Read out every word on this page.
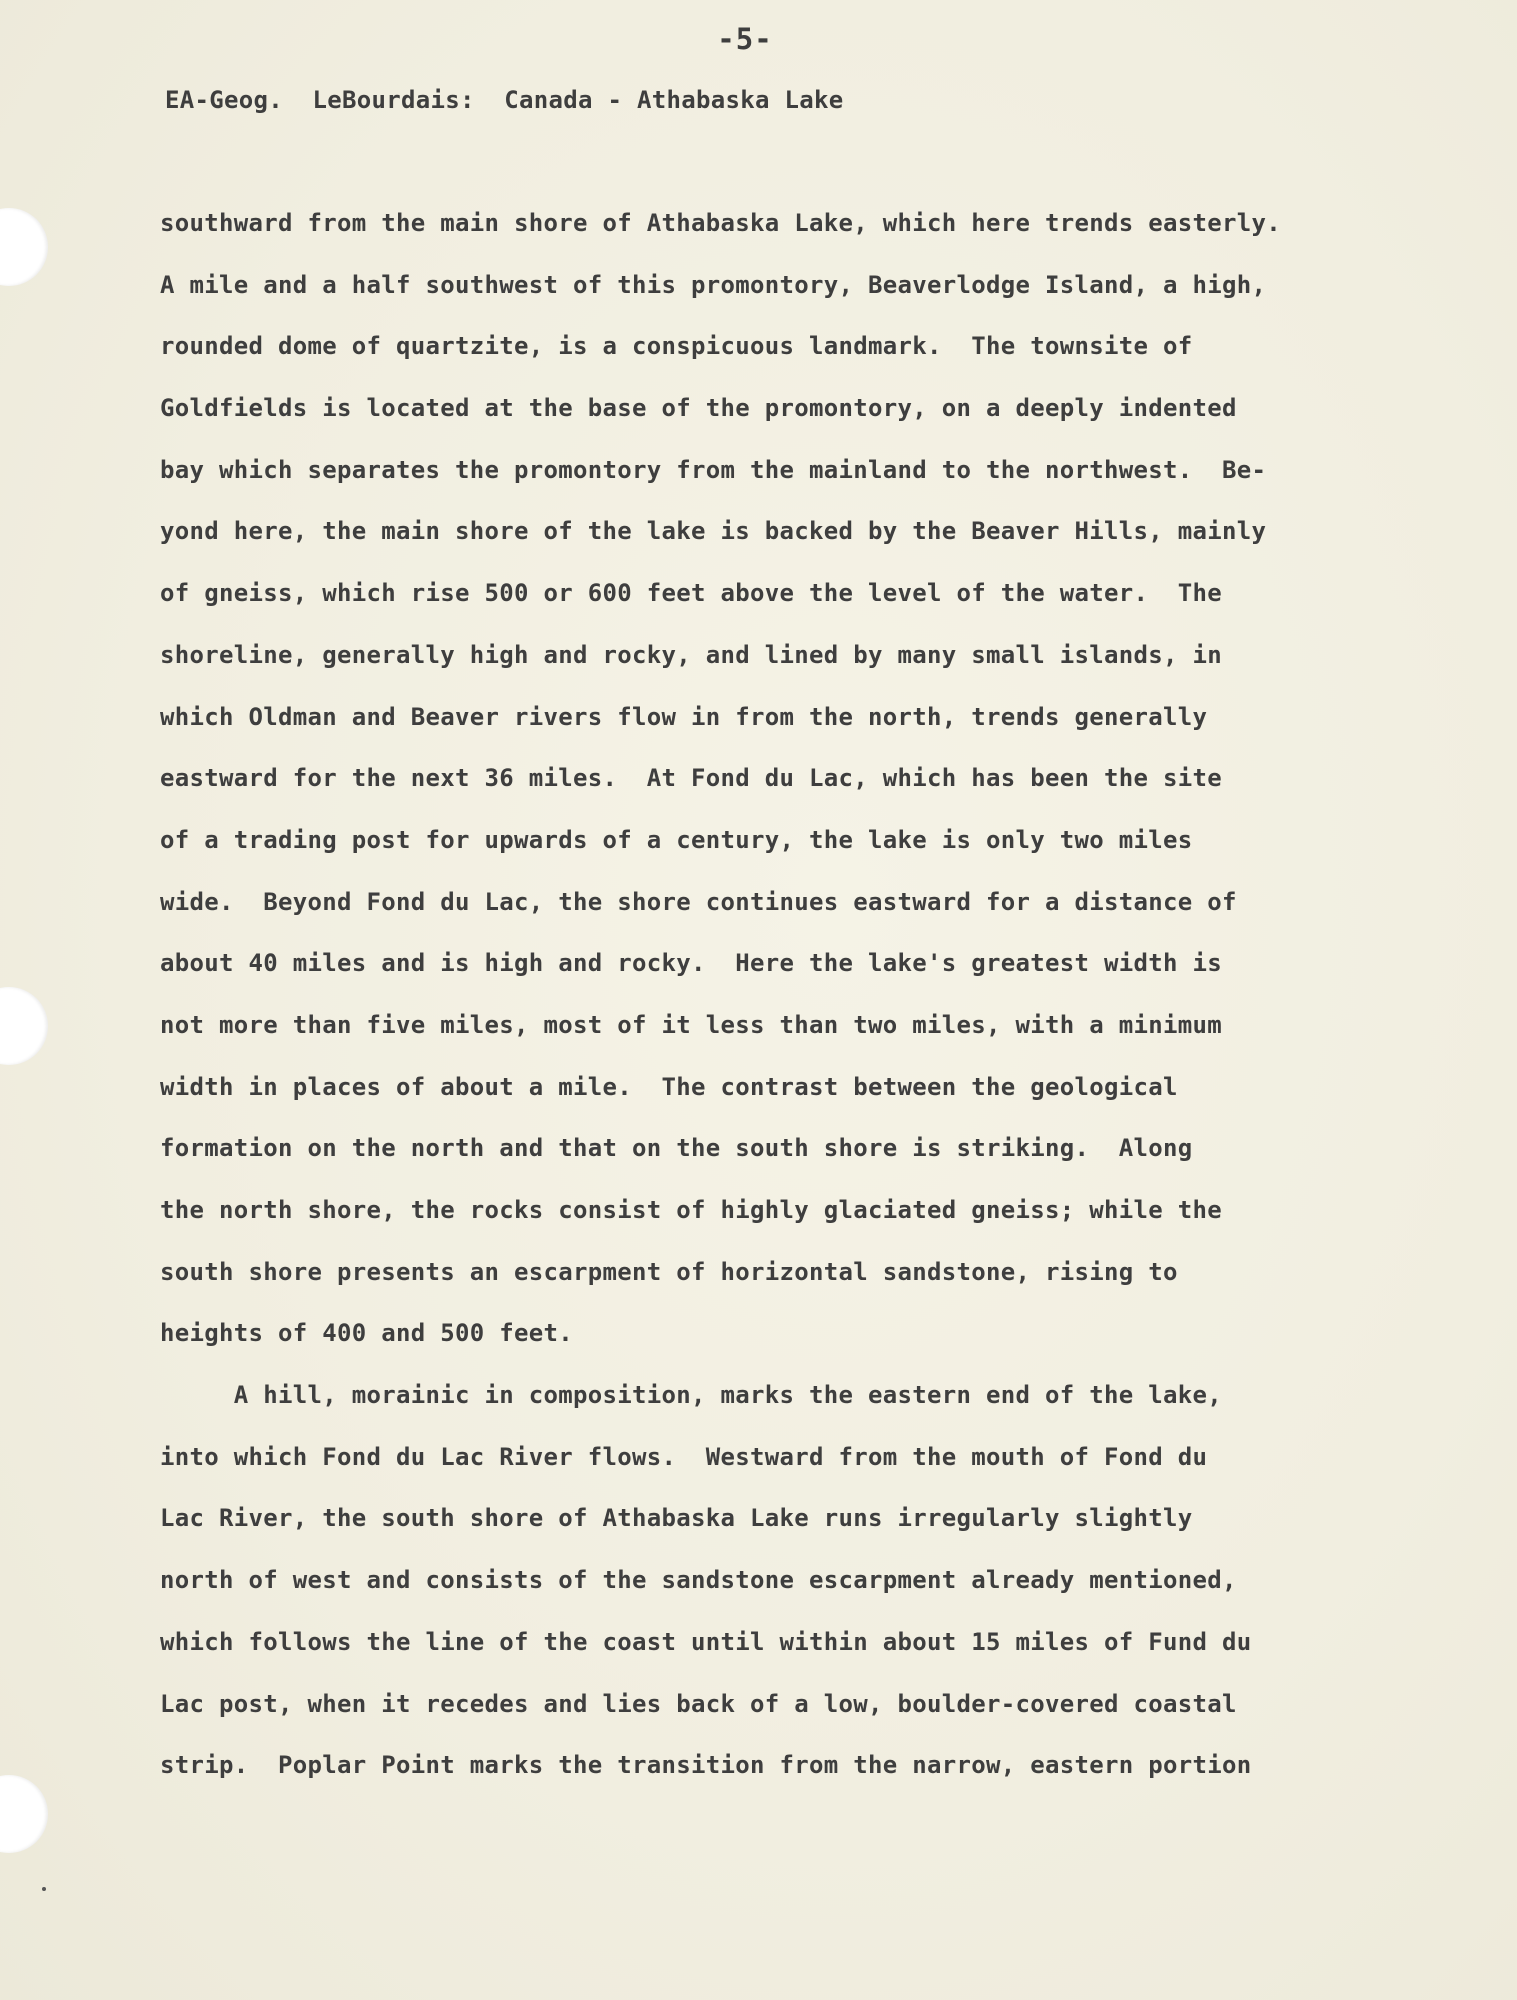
-5-
EA-Geog.  LeBourdais:  Canada - Athabaska Lake
southward from the main shore of Athabaska Lake, which here trends easterly.
A mile and a half southwest of this promontory, Beaverlodge Island, a high,
rounded dome of quartzite, is a conspicuous landmark.  The townsite of
Goldfields is located at the base of the promontory, on a deeply indented
bay which separates the promontory from the mainland to the northwest.  Be-
yond here, the main shore of the lake is backed by the Beaver Hills, mainly
of gneiss, which rise 500 or 600 feet above the level of the water.  The
shoreline, generally high and rocky, and lined by many small islands, in
which Oldman and Beaver rivers flow in from the north, trends generally
eastward for the next 36 miles.  At Fond du Lac, which has been the site
of a trading post for upwards of a century, the lake is only two miles
wide.  Beyond Fond du Lac, the shore continues eastward for a distance of
about 40 miles and is high and rocky.  Here the lake's greatest width is
not more than five miles, most of it less than two miles, with a minimum
width in places of about a mile.  The contrast between the geological
formation on the north and that on the south shore is striking.  Along
the north shore, the rocks consist of highly glaciated gneiss; while the
south shore presents an escarpment of horizontal sandstone, rising to
heights of 400 and 500 feet.
A hill, morainic in composition, marks the eastern end of the lake,
into which Fond du Lac River flows.  Westward from the mouth of Fond du
Lac River, the south shore of Athabaska Lake runs irregularly slightly
north of west and consists of the sandstone escarpment already mentioned,
which follows the line of the coast until within about 15 miles of Fund du
Lac post, when it recedes and lies back of a low, boulder-covered coastal
strip.  Poplar Point marks the transition from the narrow, eastern portion
